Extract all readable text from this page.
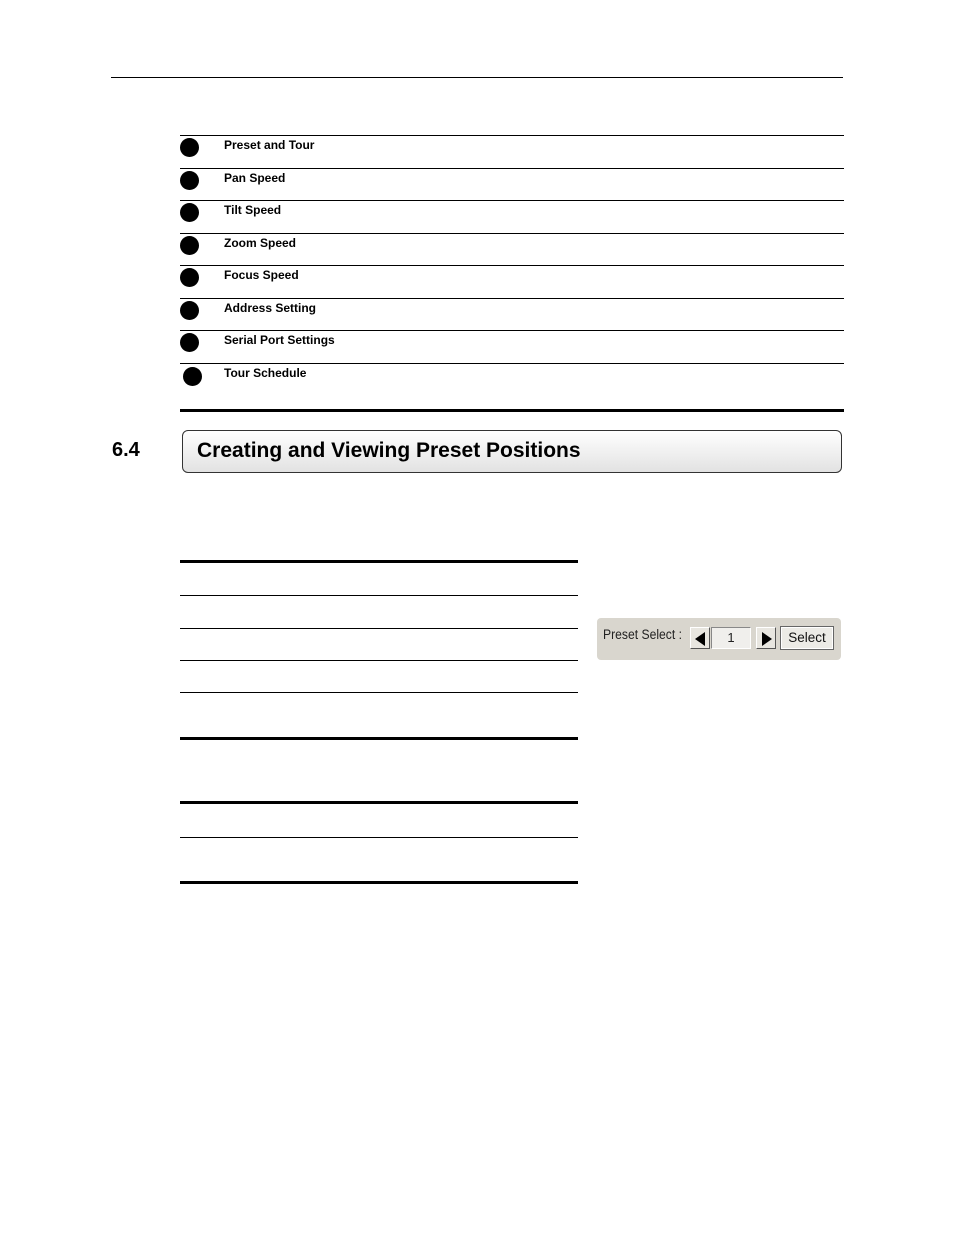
Preset and Tour
Pan Speed
Tilt Speed
Zoom Speed
Focus Speed
Address Setting
Serial Port Settings
Tour Schedule
6.4	Creating and Viewing Preset Positions
Preset Select :	1	Select
